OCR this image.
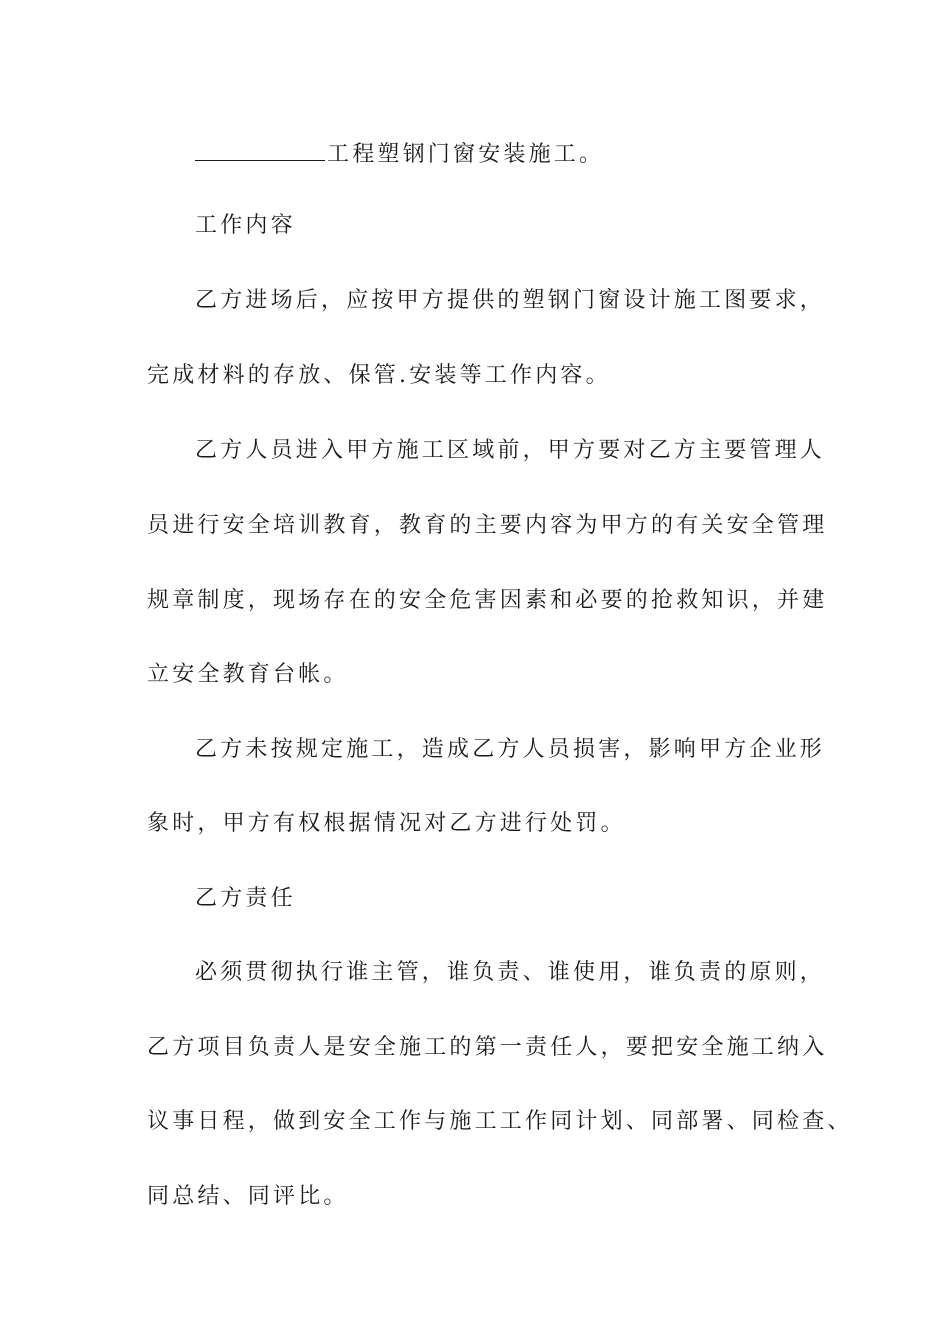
工程塑钢门窗安装施工。

工作内容

乙方进场后，应按甲方提供的塑钢门窗设计施工图要求，

完成材料的存放、保管.安装等工作内容。

乙方人员进入甲方施工区域前，甲方要对乙方主要管理人

员进行安全培训教育，教育的主要内容为甲方的有关安全管理

规章制度，现场存在的安全危害因素和必要的抢救知识，并建

立安全教育台帐。

乙方未按规定施工，造成乙方人员损害，影响甲方企业形

象时，甲方有权根据情况对乙方进行处罚。

乙方责任

必须贯彻执行谁主管，谁负责、谁使用，谁负责的原则，

乙方项目负责人是安全施工的第一责任人，要把安全施工纳入

议事日程，做到安全工作与施工工作同计划、同部署、同检查、

同总结、同评比。
